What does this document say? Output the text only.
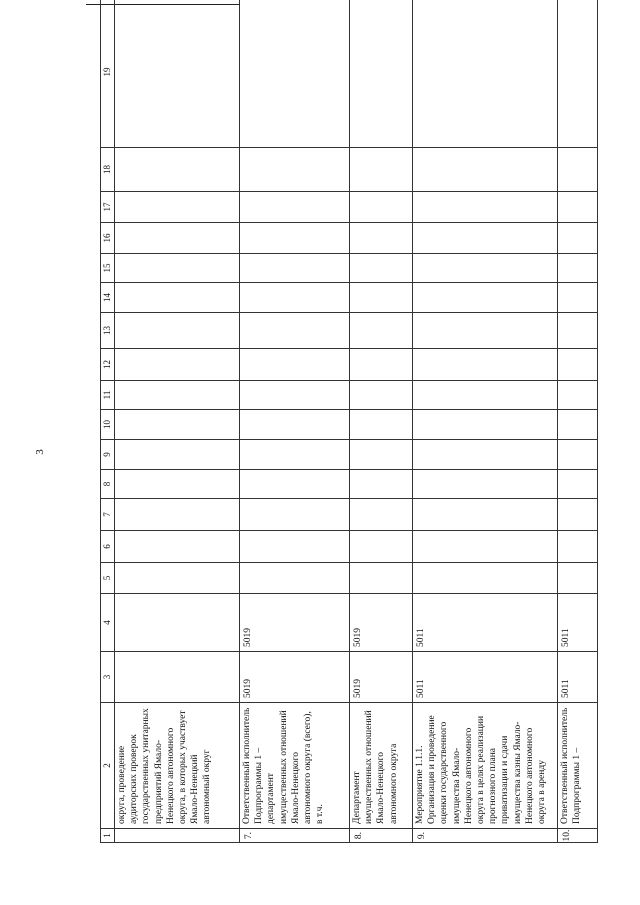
3
1	2	3	4	5	6	7	8	9	10	11	12	13	14	15	16	17	18	19
	округа, проведение аудиторских проверок государственных унитарных предприятий Ямало-Ненецкого автономного округа, в которых участвует Ямало-Ненецкий автономный округ																	
7.	Ответственный исполнитель Подпрограммы 1 – департамент имущественных отношений Ямало-Ненецкого автономного округа (всего), в т.ч.	5019	5019															
8.	Департамент имущественных отношений Ямало-Ненецкого автономного округа	5019	5019															
9.	Мероприятие 1.1.1. Организация и проведение оценки государственного имущества Ямало-Ненецкого автономного округа в целях реализации прогнозного плана приватизации и сдачи имущества казны Ямало-Ненецкого автономного округа в аренду	5011	5011															
10.	Ответственный исполнитель Подпрограммы 1 –	5011	5011															
